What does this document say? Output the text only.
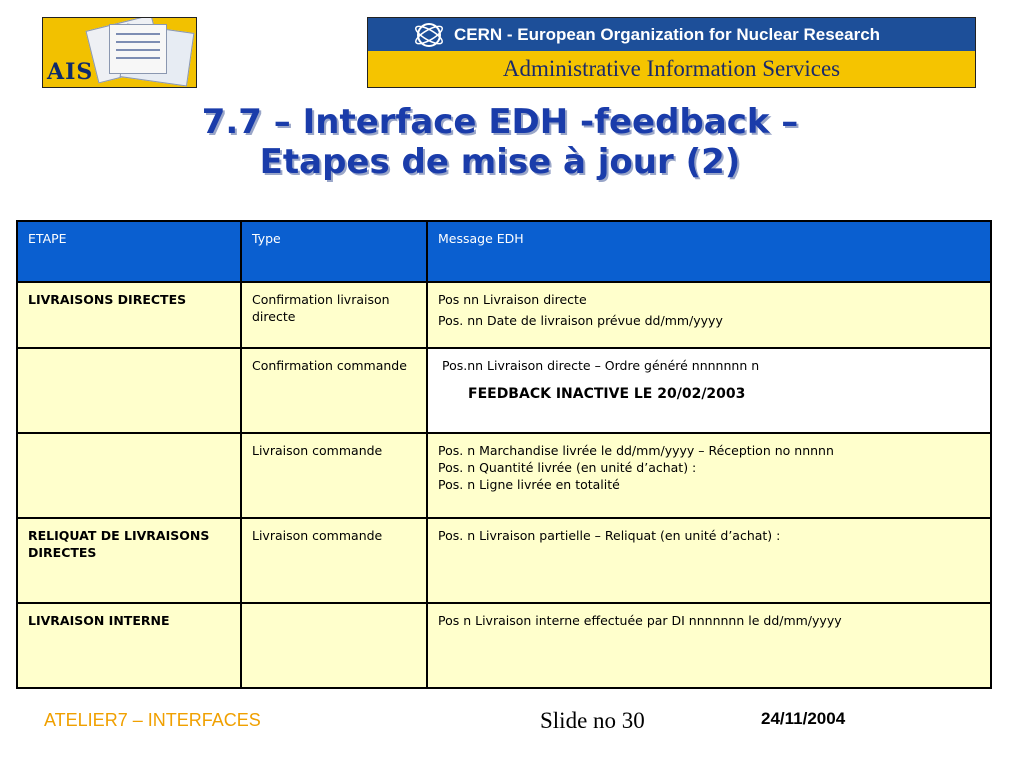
AIS
CERN - European Organization for Nuclear Research
Administrative Information Services
7.7 – Interface EDH -feedback –
Etapes de mise à jour (2)
ETAPE	Type	Message EDH
LIVRAISONS DIRECTES	Confirmation livraison directe	Pos nn Livraison directe
Pos. nn Date de livraison prévue dd/mm/yyyy

	Confirmation commande	Pos.nn Livraison directe – Ordre généré nnnnnnn n
FEEDBACK INACTIVE LE 20/02/2003

	Livraison commande	Pos. n Marchandise livrée le dd/mm/yyyy – Réception no nnnnn
Pos. n Quantité livrée (en unité d’achat) :
Pos. n Ligne livrée en totalité

RELIQUAT DE LIVRAISONS DIRECTES	Livraison commande	Pos. n Livraison partielle – Reliquat (en unité d’achat) :

LIVRAISON INTERNE		Pos n Livraison interne effectuée par DI nnnnnnn le dd/mm/yyyy
ATELIER7 – INTERFACES	Slide no 30	24/11/2004
